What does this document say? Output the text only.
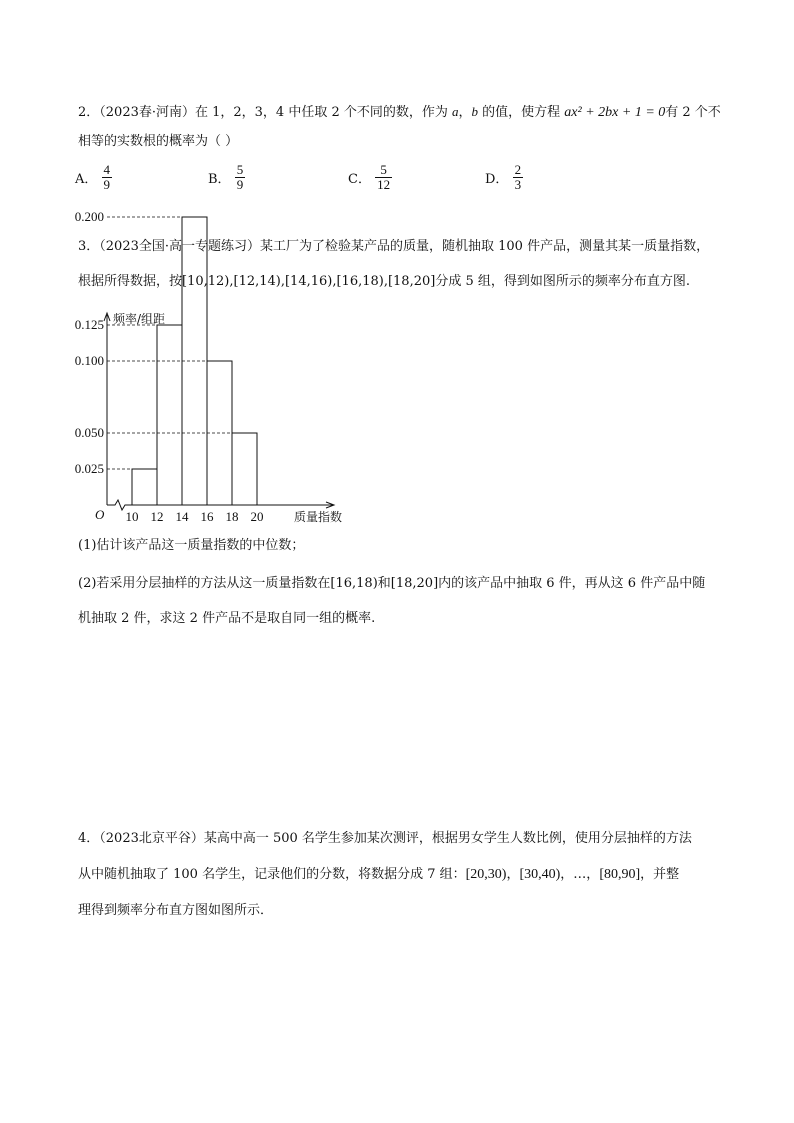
2．（2023春·河南）在 1，2，3，4 中任取 2 个不同的数，作为 a，b 的值，使方程 ax² + 2bx + 1 = 0有 2 个不
相等的实数根的概率为（ ）
A． $\frac{4}{9}$	B． $\frac{5}{9}$	C． $\frac{5}{12}$	D． $\frac{2}{3}$
3．（2023全国·高一专题练习）某工厂为了检验某产品的质量，随机抽取 100 件产品，测量其某一质量指数，
根据所得数据，按[10,12),[12,14),[14,16),[16,18),[18,20]分成 5 组，得到如图所示的频率分布直方图.
0.025
0.050
0.100
0.125
0.200
10 12 14 16 18 20
O
频率/组距
质量指数
(1)估计该产品这一质量指数的中位数；
(2)若采用分层抽样的方法从这一质量指数在[16,18)和[18,20]内的该产品中抽取 6 件，再从这 6 件产品中随
机抽取 2 件，求这 2 件产品不是取自同一组的概率.
4．（2023北京平谷）某高中高一 500 名学生参加某次测评，根据男女学生人数比例，使用分层抽样的方法
从中随机抽取了 100 名学生，记录他们的分数，将数据分成 7 组：[20,30)，[30,40)，…，[80,90]，并整
理得到频率分布直方图如图所示．
